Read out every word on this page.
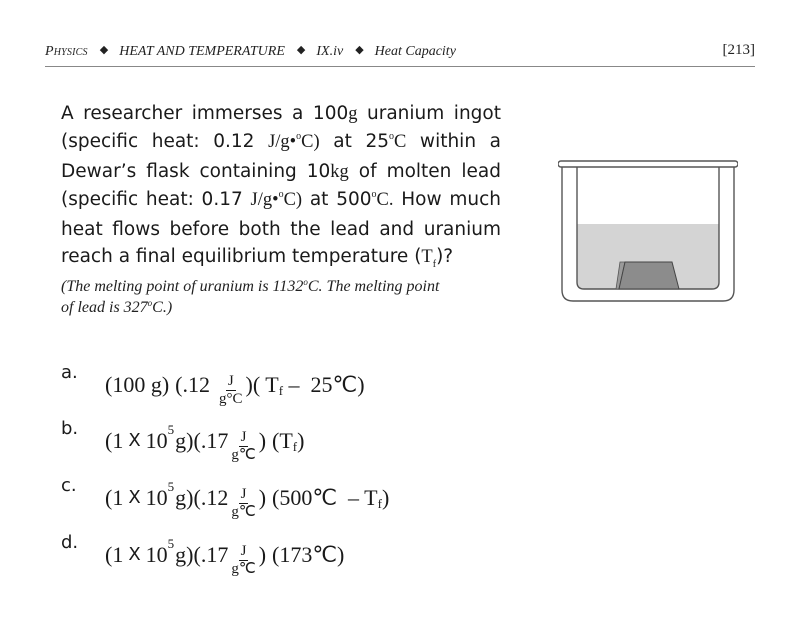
Physics ◆ HEAT AND TEMPERATURE ◆ IX.iv ◆ Heat Capacity	[213]
A researcher immerses a 100g uranium ingot
(specific heat: 0.12 J/g•$^o$C) at 25$^o$C within a
Dewar’s flask containing 10kg of molten lead
(specific heat: 0.17 J/g•$^o$C) at 500$^o$C. How much
heat flows before both the lead and uranium
reach a final equilibrium temperature $(T_f)$?
(The melting point of uranium is 1132$^o$C. The melting point
of lead is 327$^o$C.)
a. (100 g) ($.12 \frac{J}{g^\circ C}$ ) ( T f –  25℃)
b. (1 X 10 5 g) ($.17 \frac{J}{g℃}$ ) (T f )
c. (1 X 10 5 g) ($.12 \frac{J}{g℃}$ ) (500℃  – T f )
d. (1 X 10 5 g) ($.17 \frac{J}{g℃}$ ) (173℃)
